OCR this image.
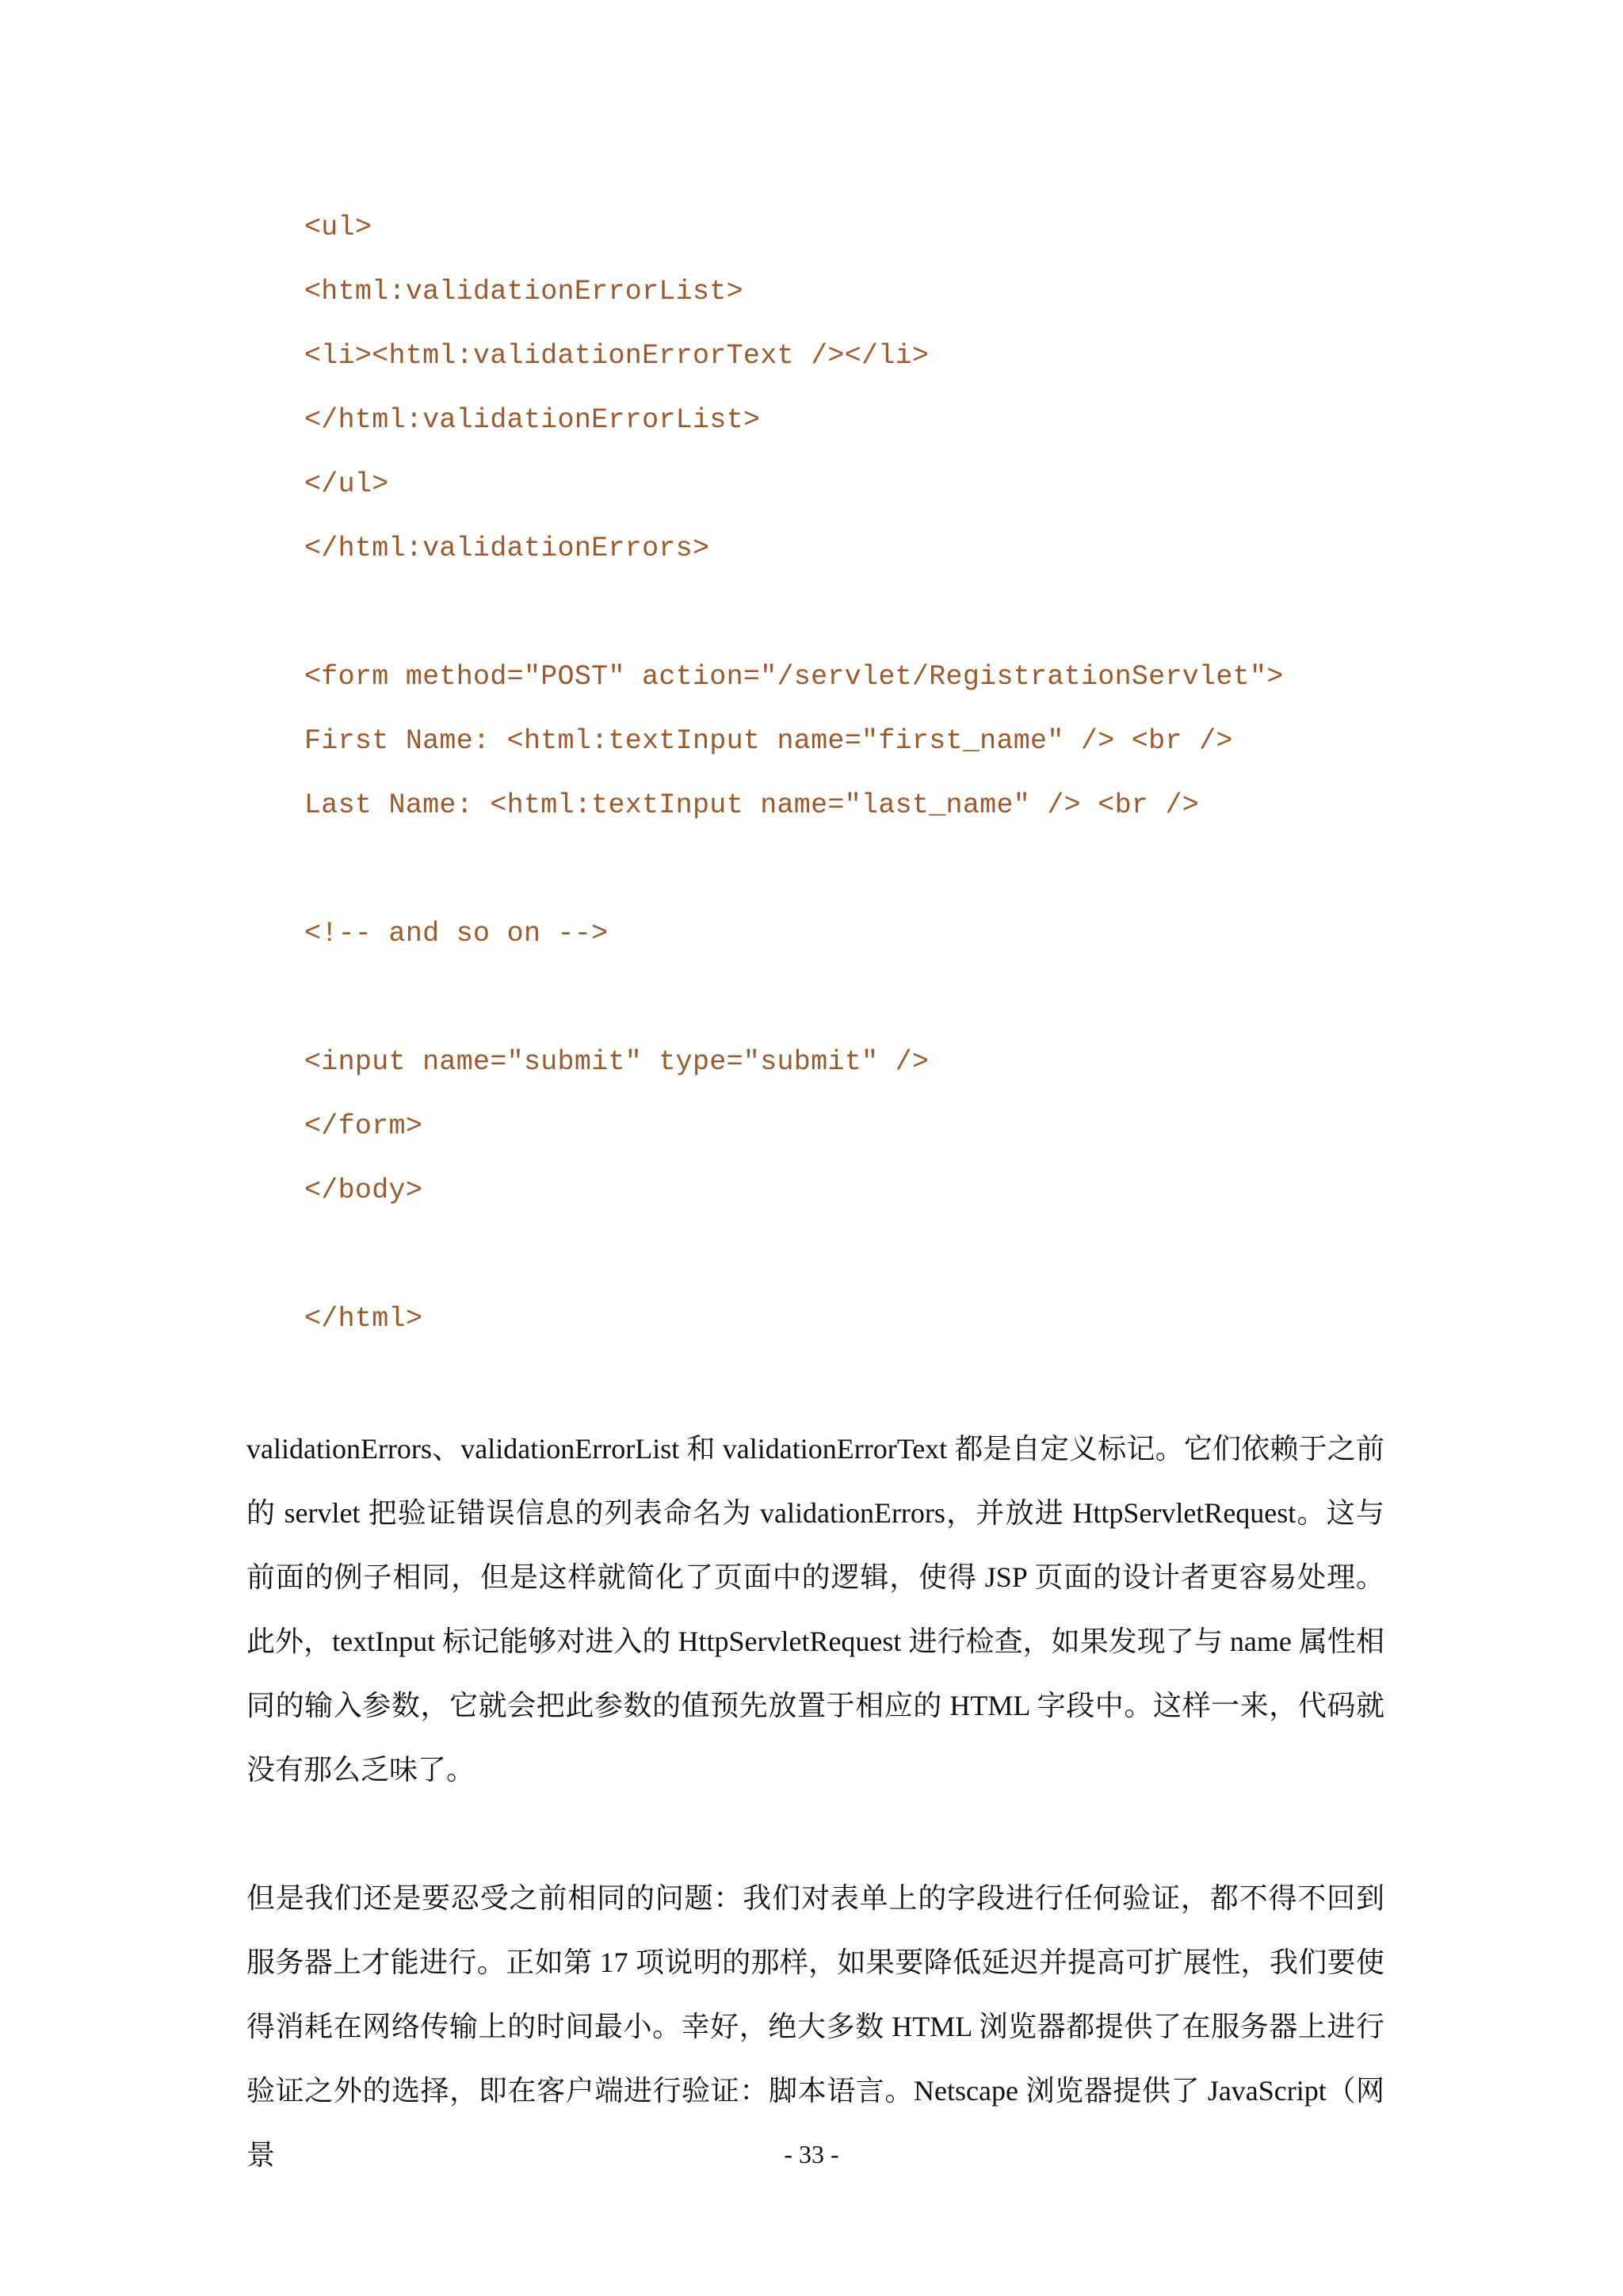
<ul>
<html:validationErrorList>
<li><html:validationErrorText /></li>
</html:validationErrorList>
</ul>
</html:validationErrors>
<form method="POST" action="/servlet/RegistrationServlet">
First Name: <html:textInput name="first_name" /> <br />
Last Name: <html:textInput name="last_name" /> <br />
<!-- and so on -->
<input name="submit" type="submit" />
</form>
</body>
</html>

validationErrors、validationErrorList 和 validationErrorText 都是自定义标记。它们依赖于之前的 servlet 把验证错误信息的列表命名为 validationErrors，并放进 HttpServletRequest。这与前面的例子相同，但是这样就简化了页面中的逻辑，使得 JSP 页面的设计者更容易处理。此外，textInput 标记能够对进入的 HttpServletRequest 进行检查，如果发现了与 name 属性相同的输入参数，它就会把此参数的值预先放置于相应的 HTML 字段中。这样一来，代码就没有那么乏味了。

但是我们还是要忍受之前相同的问题：我们对表单上的字段进行任何验证，都不得不回到服务器上才能进行。正如第 17 项说明的那样，如果要降低延迟并提高可扩展性，我们要使得消耗在网络传输上的时间最小。幸好，绝大多数 HTML 浏览器都提供了在服务器上进行验证之外的选择，即在客户端进行验证：脚本语言。Netscape 浏览器提供了 JavaScript（网景	- 33 -
